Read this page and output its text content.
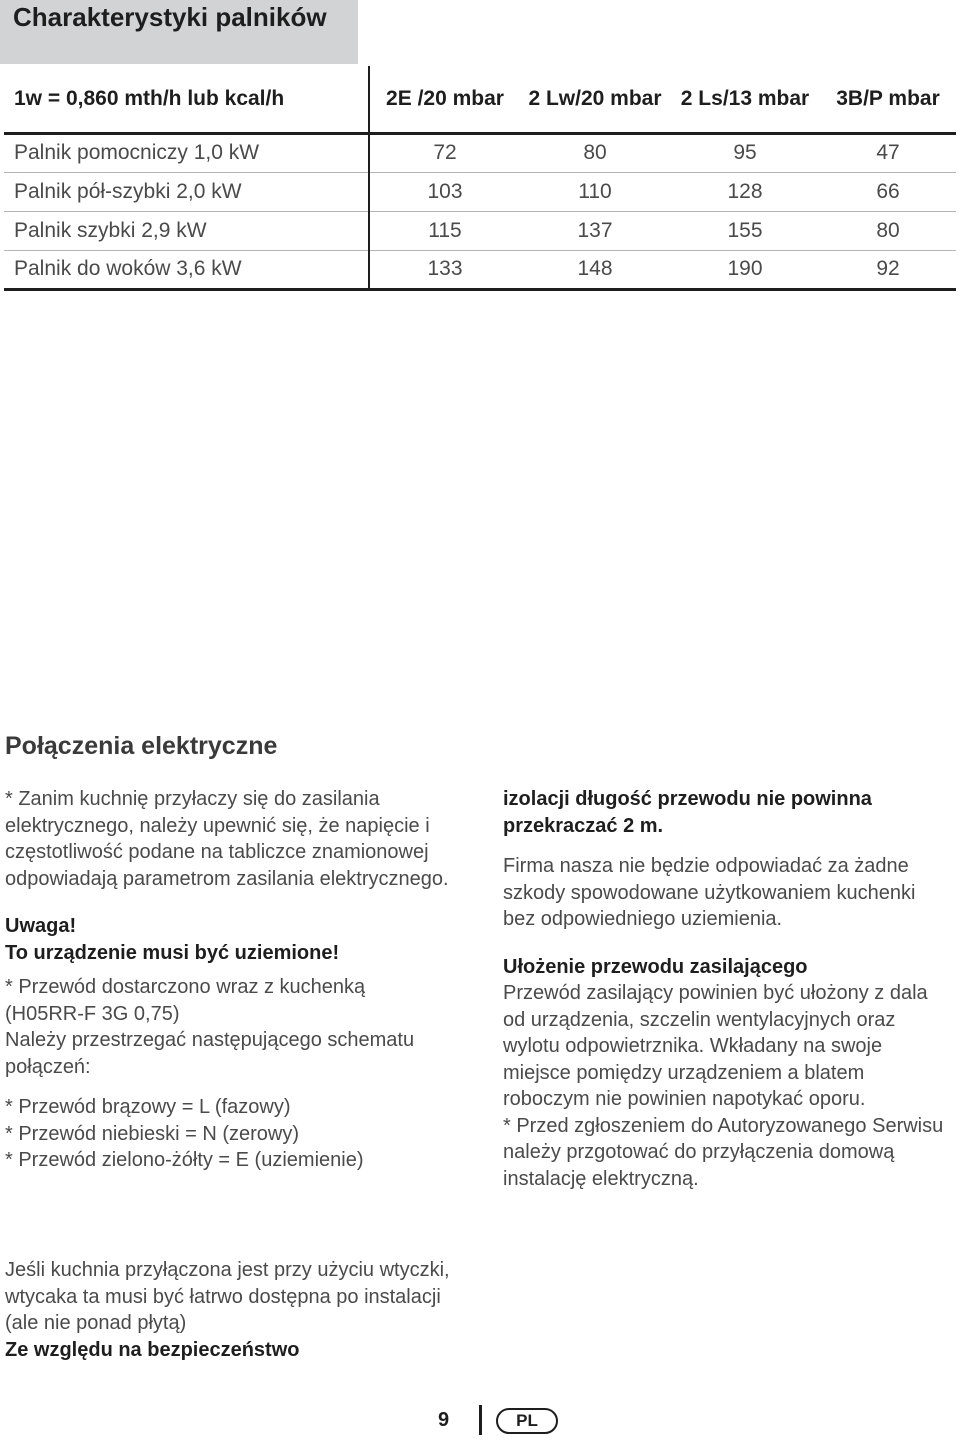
Charakterystyki palników
1w = 0,860 mth/h lub kcal/h	2E /20 mbar	2 Lw/20 mbar	2 Ls/13 mbar	3B/P mbar
Palnik pomocniczy 1,0 kW	72	80	95	47
Palnik pół-szybki 2,0 kW	103	110	128	66
Palnik szybki 2,9 kW	115	137	155	80
Palnik do woków 3,6 kW	133	148	190	92
Połączenia elektryczne

* Zanim kuchnię przyłaczy się do zasilania elektrycznego, należy upewnić się, że napięcie i częstotliwość podane na tabliczce znamionowej odpowiadają parametrom zasilania elektrycznego.

Uwaga!

To urządzenie musi być uziemione!

* Przewód dostarczono wraz z kuchenką

(H05RR-F 3G 0,75)

Należy przestrzegać następującego schematu połączeń:

* Przewód brązowy = L (fazowy)

* Przewód niebieski = N (zerowy)

* Przewód zielono-żółty = E (uziemienie)

Jeśli kuchnia przyłączona jest przy użyciu wtyczki, wtycaka ta musi być łatrwo dostępna po instalacji (ale nie ponad płytą)

Ze względu na bezpieczeństwo

izolacji długość przewodu nie powinna przekraczać 2 m.

Firma nasza nie będzie odpowiadać za żadne szkody spowodowane użytkowaniem kuchenki bez odpowiedniego uziemienia.

Ułożenie przewodu zasilającego

Przewód zasilający powinien być ułożony z dala od urządzenia, szczelin wentylacyjnych oraz wylotu odpowietrznika. Wkładany na swoje miejsce pomiędzy urządzeniem a blatem roboczym nie powinien napotykać oporu.

* Przed zgłoszeniem do Autoryzowanego Serwisu należy przgotować do przyłączenia domową instalację elektryczną.

9	PL
